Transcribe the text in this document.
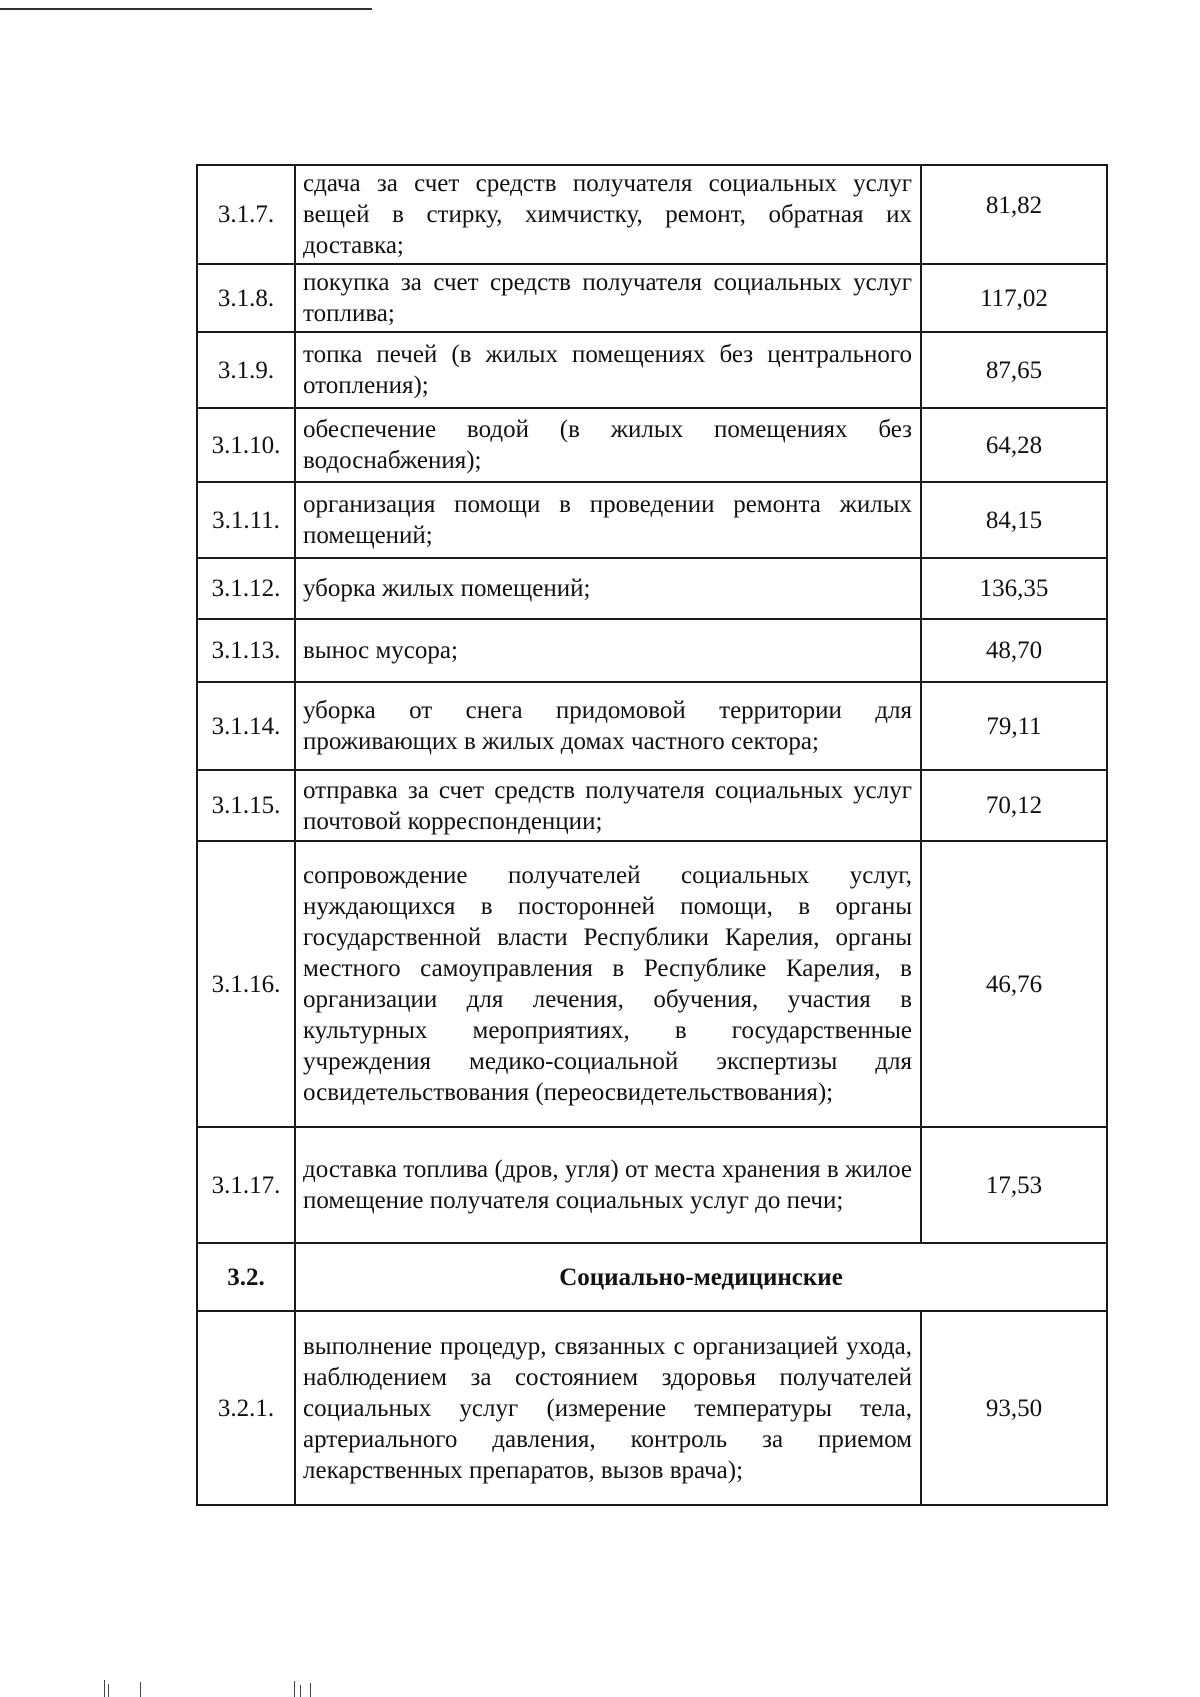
3.1.7.	сдача за счет средств получателя социальных услуг вещей в стирку, химчистку, ремонт, обратная их доставка;	81,82
3.1.8.	покупка за счет средств получателя социальных услуг топлива;	117,02
3.1.9.	топка печей (в жилых помещениях без центрального отопления);	87,65
3.1.10.	обеспечение водой (в жилых помещениях без водоснабжения);	64,28
3.1.11.	организация помощи в проведении ремонта жилых помещений;	84,15
3.1.12.	уборка жилых помещений;	136,35
3.1.13.	вынос мусора;	48,70
3.1.14.	уборка от снега придомовой территории для проживающих в жилых домах частного сектора;	79,11
3.1.15.	отправка за счет средств получателя социальных услуг почтовой корреспонденции;	70,12
3.1.16.	сопровождение получателей социальных услуг, нуждающихся в посторонней помощи, в органы государственной власти Республики Карелия, органы местного самоуправления в Республике Карелия, в организации для лечения, обучения, участия в культурных мероприятиях, в государственные учреждения медико-социальной экспертизы для освидетельствования (переосвидетельствования);	46,76
3.1.17.	доставка топлива (дров, угля) от места хранения в жилое помещение получателя социальных услуг до печи;	17,53
3.2.	Социально-медицинские	
3.2.1.	выполнение процедур, связанных с организацией ухода, наблюдением за состоянием здоровья получателей социальных услуг (измерение температуры тела, артериального давления, контроль за приемом лекарственных препаратов, вызов врача);	93,50
